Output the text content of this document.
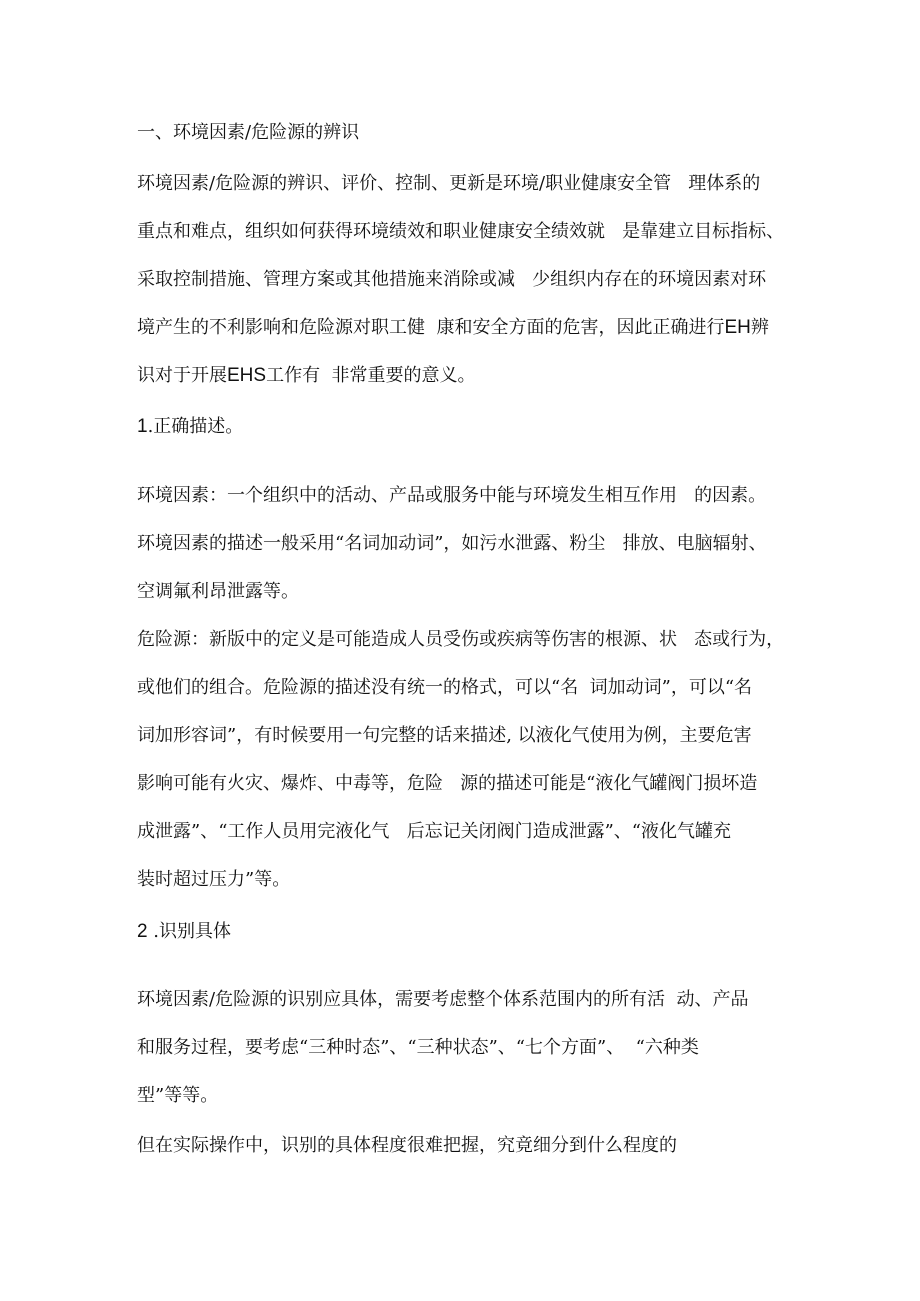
一、环境因素/危险源的辨识
环境因素/危险源的辨识、评价、控制、更新是环境/职业健康安全管   理体系的
重点和难点，组织如何获得环境绩效和职业健康安全绩效就   是靠建立目标指标、
采取控制措施、管理方案或其他措施来消除或减   少组织内存在的环境因素对环
境产生的不利影响和危险源对职工健  康和安全方面的危害，因此正确进行EH辨
识对于开展EHS工作有  非常重要的意义。
1.正确描述。
环境因素：一个组织中的活动、产品或服务中能与环境发生相互作用   的因素。
环境因素的描述一般采用“名词加动词”，如污水泄露、粉尘   排放、电脑辐射、
空调氟利昂泄露等。
危险源：新版中的定义是可能造成人员受伤或疾病等伤害的根源、状   态或行为，
或他们的组合。危险源的描述没有统一的格式，可以“名  词加动词”，可以“名
词加形容词”，有时候要用一句完整的话来描述, 以液化气使用为例，主要危害
影响可能有火灾、爆炸、中毒等，危险   源的描述可能是“液化气罐阀门损坏造
成泄露”、“工作人员用完液化气   后忘记关闭阀门造成泄露”、“液化气罐充
装时超过压力”等。
2 .识别具体
环境因素/危险源的识别应具体，需要考虑整个体系范围内的所有活  动、产品
和服务过程，要考虑“三种时态”、“三种状态”、“七个方面”、  “六种类
型”等等。
但在实际操作中，识别的具体程度很难把握，究竟细分到什么程度的
